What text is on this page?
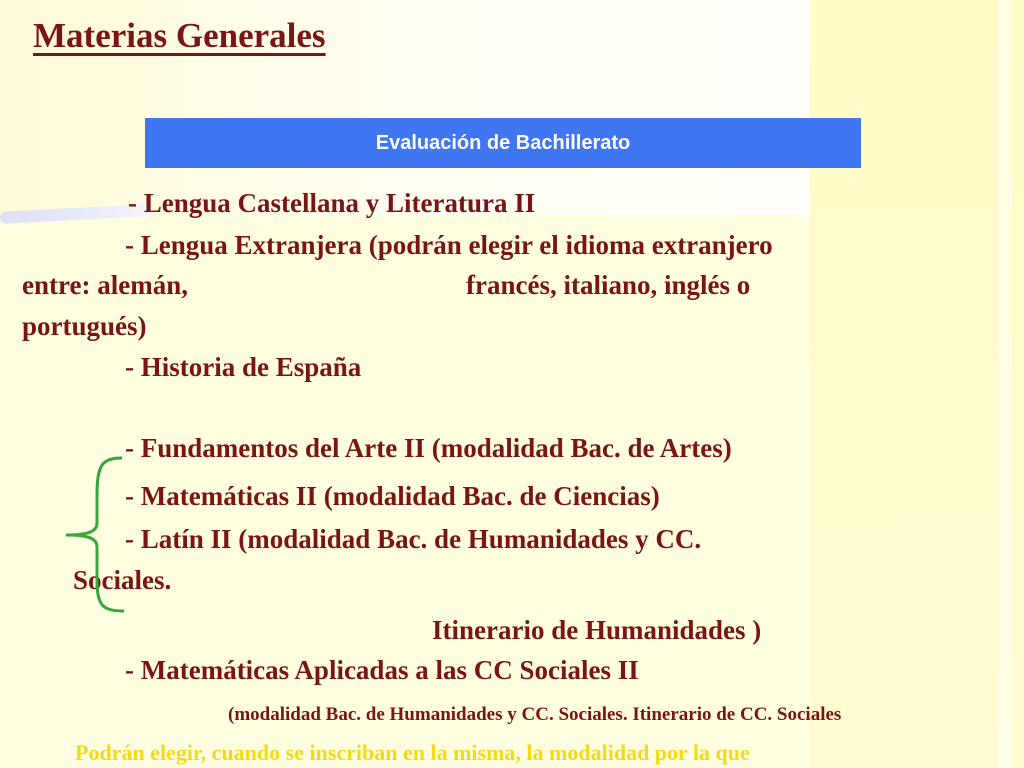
Materias Generales
Evaluación de Bachillerato
- Lengua Castellana y Literatura II
- Lengua Extranjera (podrán elegir el idioma extranjero
entre: alemán,	francés, italiano, inglés o
portugués)
- Historia de España
- Fundamentos del Arte II (modalidad Bac. de Artes)
- Matemáticas II (modalidad Bac. de Ciencias)
- Latín II (modalidad Bac. de Humanidades y CC.
Sociales.
Itinerario de Humanidades )
- Matemáticas Aplicadas a las CC Sociales II
(modalidad Bac. de Humanidades y CC. Sociales. Itinerario de CC. Sociales
Podrán elegir, cuando se inscriban en la misma, la modalidad por la que
